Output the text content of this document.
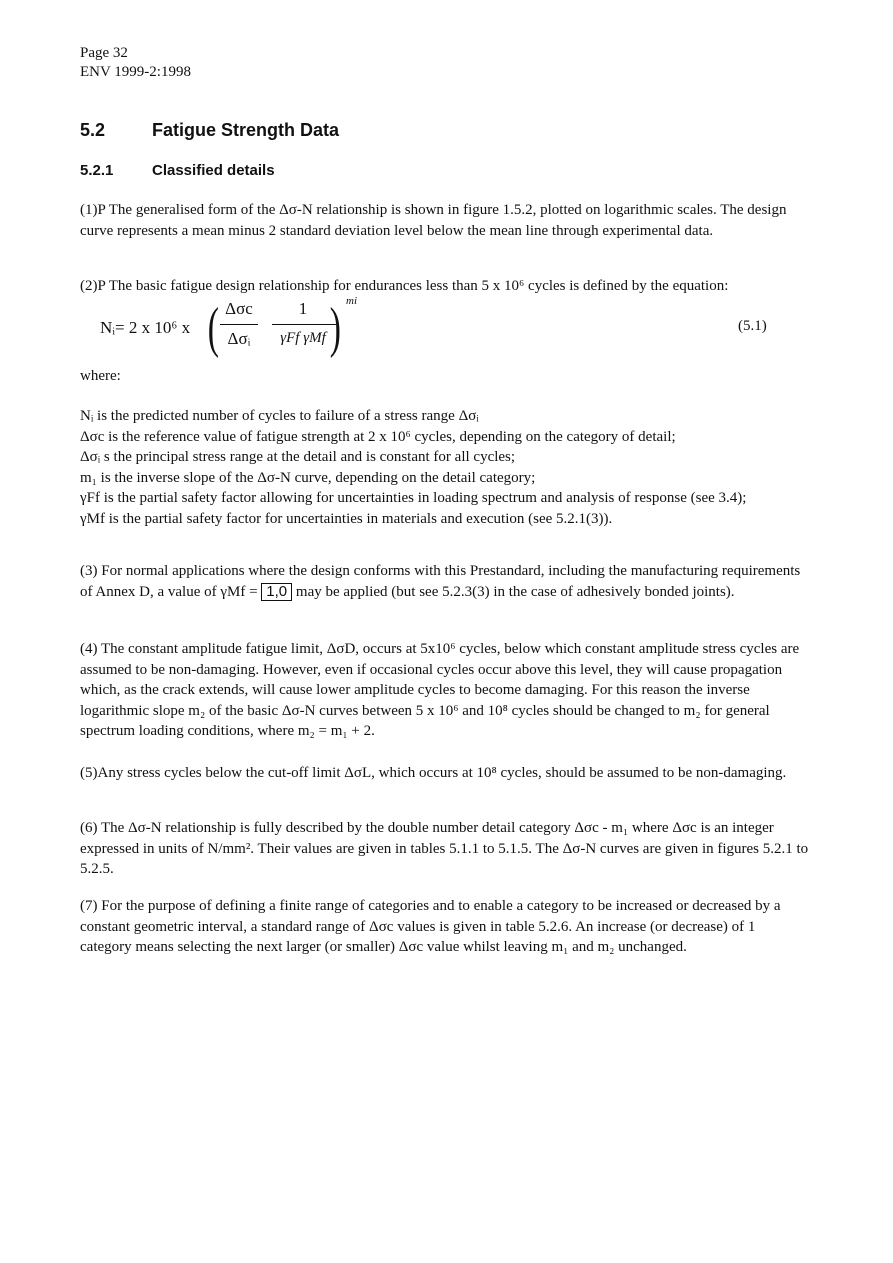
Page 32
ENV 1999-2:1998
5.2	Fatigue Strength Data
5.2.1	Classified details

(1)P The generalised form of the Δσ-N relationship is shown in figure 1.5.2, plotted on logarithmic scales. The design curve represents a mean minus 2 standard deviation level below the mean line through experimental data.

(2)P The basic fatigue design relationship for endurances less than 5 x 10⁶ cycles is defined by the equation:

Nᵢ= 2 x 10⁶ x ( Δσc
Δσᵢ
1
γFf γMf ) mi
(5.1)

where:

Nᵢ is the predicted number of cycles to failure of a stress range Δσᵢ
Δσc is the reference value of fatigue strength at 2 x 10⁶ cycles, depending on the category of detail;
Δσᵢ s the principal stress range at the detail and is constant for all cycles;
m₁ is the inverse slope of the Δσ-N curve, depending on the detail category;
γFf is the partial safety factor allowing for uncertainties in loading spectrum and analysis of response (see 3.4);
γMf is the partial safety factor for uncertainties in materials and execution (see 5.2.1(3)).

(3) For normal applications where the design conforms with this Prestandard, including the manufacturing requirements of Annex D, a value of γMf = 1,0 may be applied (but see 5.2.3(3) in the case of adhesively bonded joints).

(4) The constant amplitude fatigue limit, ΔσD, occurs at 5x10⁶ cycles, below which constant amplitude stress cycles are assumed to be non-damaging. However, even if occasional cycles occur above this level, they will cause propagation which, as the crack extends, will cause lower amplitude cycles to become damaging. For this reason the inverse logarithmic slope m₂ of the basic Δσ-N curves between 5 x 10⁶ and 10⁸ cycles should be changed to m₂ for general spectrum loading conditions, where m₂ = m₁ + 2.

(5)Any stress cycles below the cut-off limit ΔσL, which occurs at 10⁸ cycles, should be assumed to be non-damaging.

(6) The Δσ-N relationship is fully described by the double number detail category Δσc - m₁ where Δσc is an integer expressed in units of N/mm². Their values are given in tables 5.1.1 to 5.1.5. The Δσ-N curves are given in figures 5.2.1 to 5.2.5.

(7) For the purpose of defining a finite range of categories and to enable a category to be increased or decreased by a constant geometric interval, a standard range of Δσc values is given in table 5.2.6. An increase (or decrease) of 1 category means selecting the next larger (or smaller) Δσc value whilst leaving m₁ and m₂ unchanged.
